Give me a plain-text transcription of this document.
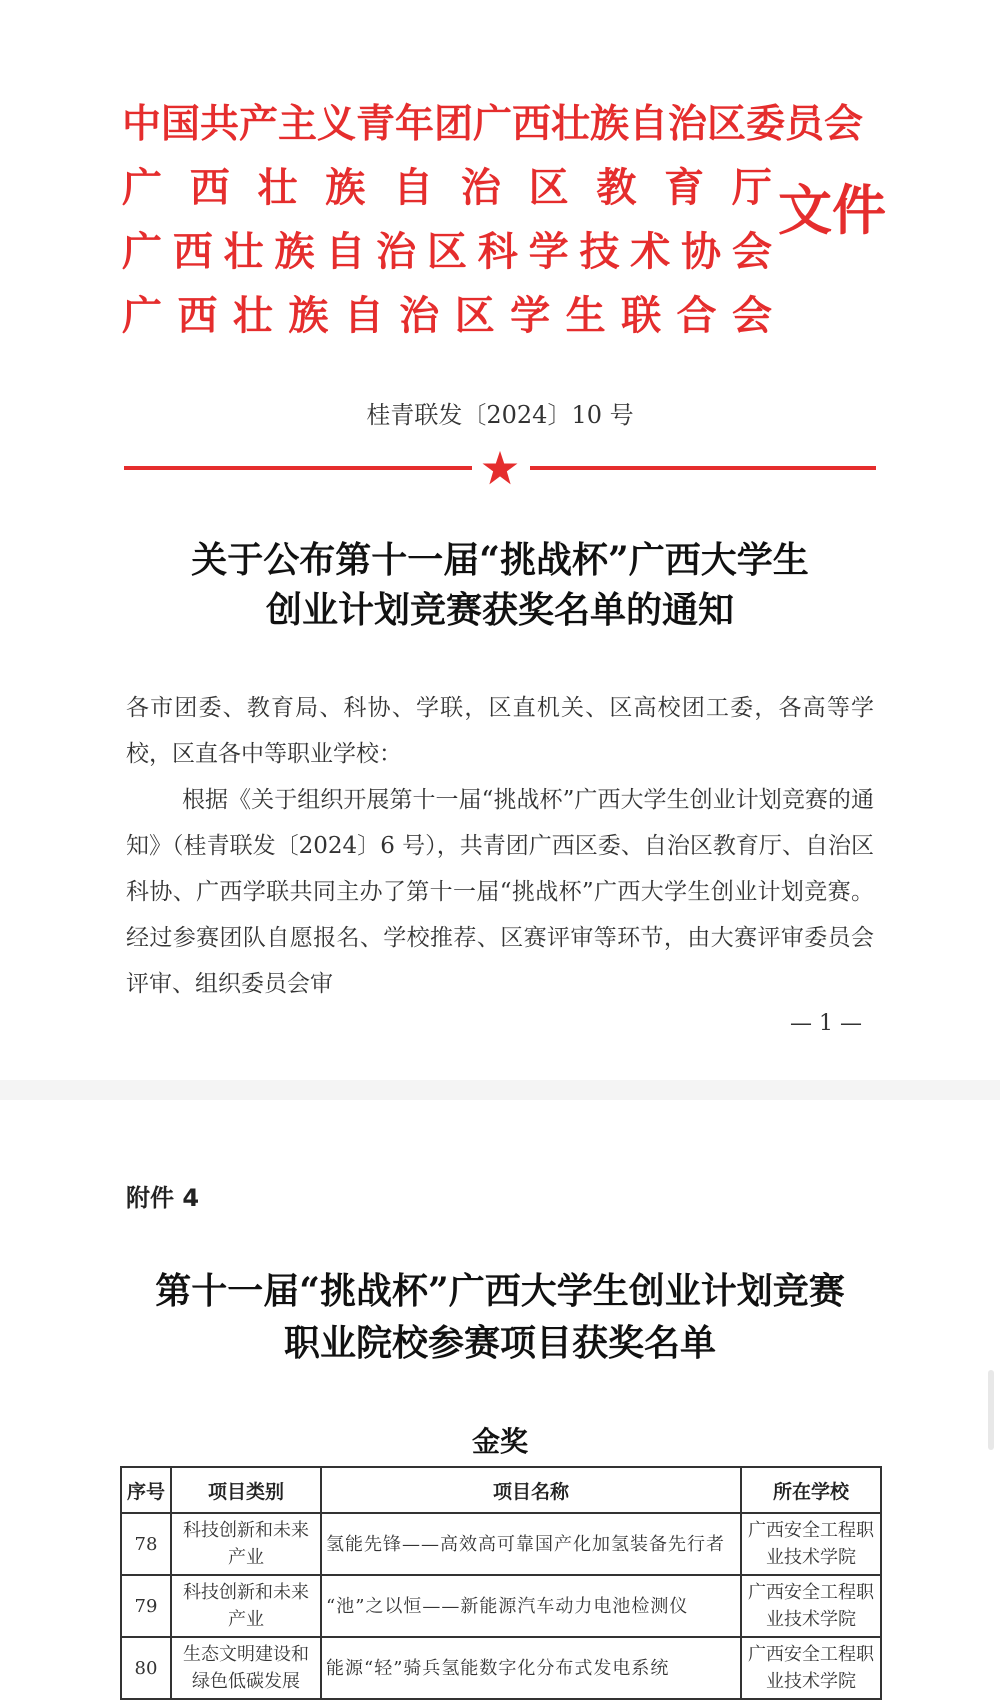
中国共产主义青年团广西壮族自治区委员会
广 西 壮 族 自 治 区 教 育 厅
广 西 壮 族 自 治 区 科 学 技 术 协 会
广 西 壮 族 自 治 区 学 生 联 合 会
文件
桂青联发〔2024〕10 号
关于公布第十一届“挑战杯”广西大学生
创业计划竞赛获奖名单的通知

各市团委、教育局、科协、学联，区直机关、区高校团工委，各高等学校，区直各中等职业学校：

根据《关于组织开展第十一届“挑战杯”广西大学生创业计划竞赛的通知》（桂青联发〔2024〕6 号），共青团广西区委、自治区教育厅、自治区科协、广西学联共同主办了第十一届“挑战杯”广西大学生创业计划竞赛。经过参赛团队自愿报名、学校推荐、区赛评审等环节，由大赛评审委员会评审、组织委员会审

— 1 —
附件 4
第十一届“挑战杯”广西大学生创业计划竞赛
职业院校参赛项目获奖名单
金奖
序号	项目类别	项目名称	所在学校
78	科技创新和未来产业	氢能先锋——高效高可靠国产化加氢装备先行者	广西安全工程职业技术学院
79	科技创新和未来产业	“池”之以恒——新能源汽车动力电池检测仪	广西安全工程职业技术学院
80	生态文明建设和绿色低碳发展	能源“轻”骑兵氢能数字化分布式发电系统	广西安全工程职业技术学院
